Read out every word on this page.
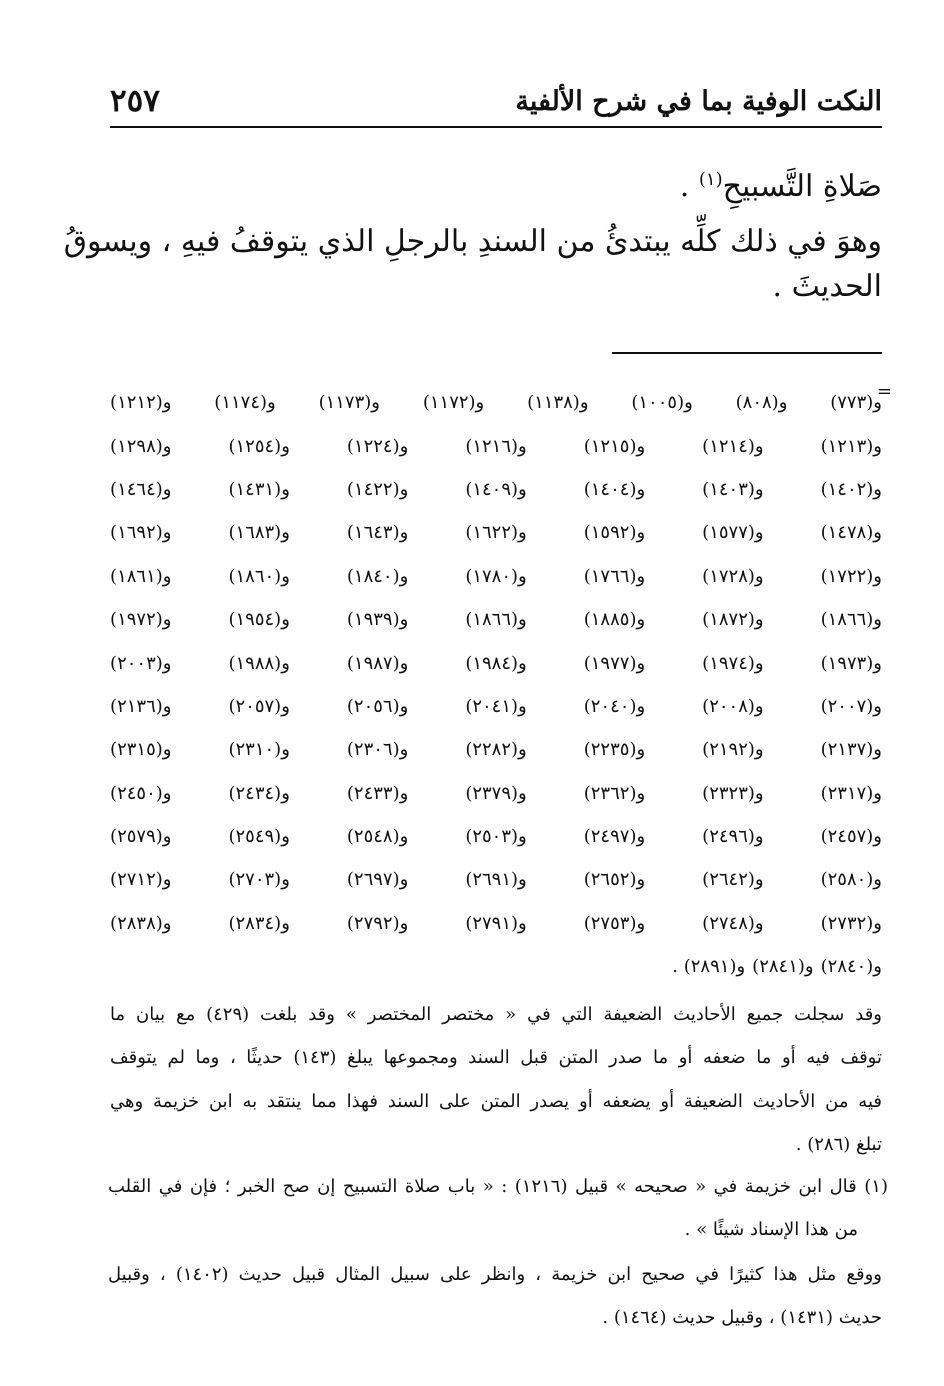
النكت الوفية بما في شرح الألفية
٢٥٧
صَلاةِ التَّسبيحِ$^{(١)}$ .
وهوَ في ذلك كلِّه يبتدئُ من السندِ بالرجلِ الذي يتوقفُ فيهِ ، ويسوقُ
الحديثَ .
=
و(٧٧٣)
و(٨٠٨)
و(١٠٠٥)
و(١١٣٨)
و(١١٧٢)
و(١١٧٣)
و(١١٧٤)
و(١٢١٢)
و(١٢١٣)
و(١٢١٤)
و(١٢١٥)
و(١٢١٦)
و(١٢٢٤)
و(١٢٥٤)
و(١٢٩٨)
و(١٤٠٢)
و(١٤٠٣)
و(١٤٠٤)
و(١٤٠٩)
و(١٤٢٢)
و(١٤٣١)
و(١٤٦٤)
و(١٤٧٨)
و(١٥٧٧)
و(١٥٩٢)
و(١٦٢٢)
و(١٦٤٣)
و(١٦٨٣)
و(١٦٩٢)
و(١٧٢٢)
و(١٧٢٨)
و(١٧٦٦)
و(١٧٨٠)
و(١٨٤٠)
و(١٨٦٠)
و(١٨٦١)
و(١٨٦٦)
و(١٨٧٢)
و(١٨٨٥)
و(١٨٦٦)
و(١٩٣٩)
و(١٩٥٤)
و(١٩٧٢)
و(١٩٧٣)
و(١٩٧٤)
و(١٩٧٧)
و(١٩٨٤)
و(١٩٨٧)
و(١٩٨٨)
و(٢٠٠٣)
و(٢٠٠٧)
و(٢٠٠٨)
و(٢٠٤٠)
و(٢٠٤١)
و(٢٠٥٦)
و(٢٠٥٧)
و(٢١٣٦)
و(٢١٣٧)
و(٢١٩٢)
و(٢٢٣٥)
و(٢٢٨٢)
و(٢٣٠٦)
و(٢٣١٠)
و(٢٣١٥)
و(٢٣١٧)
و(٢٣٢٣)
و(٢٣٦٢)
و(٢٣٧٩)
و(٢٤٣٣)
و(٢٤٣٤)
و(٢٤٥٠)
و(٢٤٥٧)
و(٢٤٩٦)
و(٢٤٩٧)
و(٢٥٠٣)
و(٢٥٤٨)
و(٢٥٤٩)
و(٢٥٧٩)
و(٢٥٨٠)
و(٢٦٤٢)
و(٢٦٥٢)
و(٢٦٩١)
و(٢٦٩٧)
و(٢٧٠٣)
و(٢٧١٢)
و(٢٧٣٢)
و(٢٧٤٨)
و(٢٧٥٣)
و(٢٧٩١)
و(٢٧٩٢)
و(٢٨٣٤)
و(٢٨٣٨)
و(٢٨٤٠)
و(٢٨٤١)
و(٢٨٩١) .
وقد سجلت جميع الأحاديث الضعيفة التي في « مختصر المختصر » وقد بلغت (٤٢٩) مع بيان ما
توقف فيه أو ما ضعفه أو ما صدر المتن قبل السند ومجموعها يبلغ (١٤٣) حديثًا ، وما لم يتوقف
فيه من الأحاديث الضعيفة أو يضعفه أو يصدر المتن على السند فهذا مما ينتقد به ابن خزيمة وهي
تبلغ (٢٨٦) .
(١) قال ابن خزيمة في « صحيحه » قبيل (١٢١٦) : « باب صلاة التسبيح إن صح الخبر ؛ فإن في القلب
من هذا الإسناد شيئًا » .
ووقع مثل هذا كثيرًا في صحيح ابن خزيمة ، وانظر على سبيل المثال قبيل حديث (١٤٠٢) ، وقبيل
حديث (١٤٣١) ، وقبيل حديث (١٤٦٤) .
